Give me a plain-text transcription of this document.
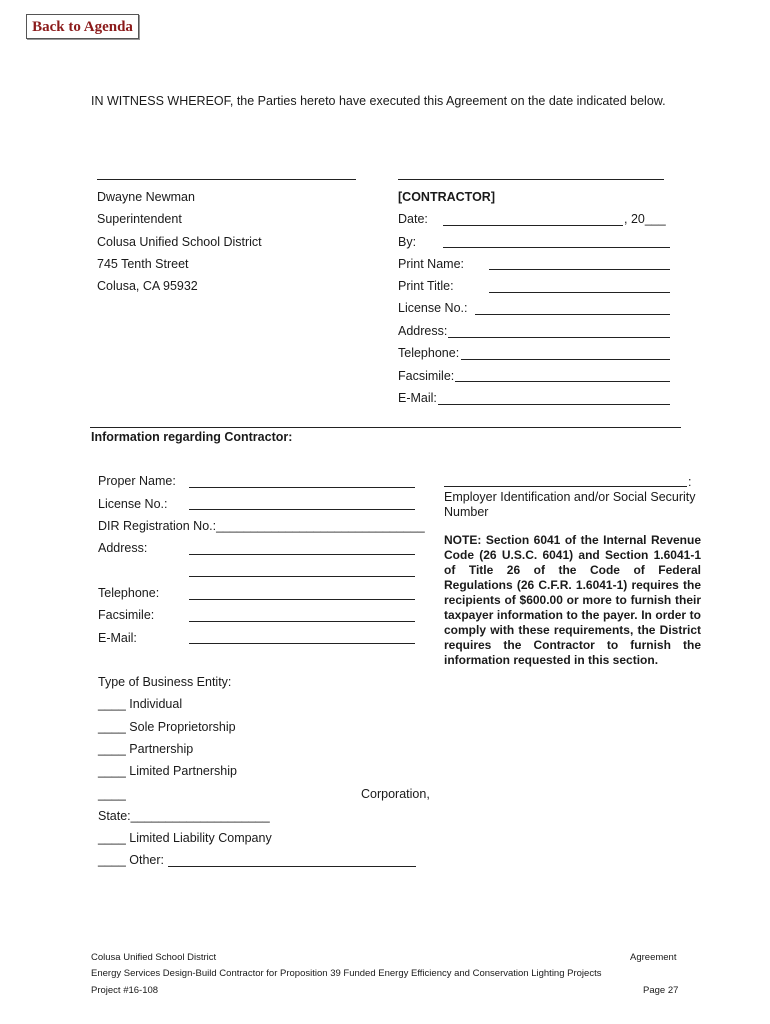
Back to Agenda
IN WITNESS WHEREOF, the Parties hereto have executed this Agreement on the date indicated below.
Dwayne Newman
Superintendent
Colusa Unified School District
745 Tenth Street
Colusa, CA 95932
[CONTRACTOR]
Date:	, 20___
By:
Print Name:
Print Title:
License No.:
Address:
Telephone:
Facsimile:
E-Mail:
Information regarding Contractor:
Proper Name:
License No.:
DIR Registration No.:______________________________
Address:
Telephone:
Facsimile:
E-Mail:
:
Employer Identification and/or Social Security Number
NOTE: Section 6041 of the Internal Revenue Code (26 U.S.C. 6041) and Section 1.6041-1 of Title 26 of the Code of Federal Regulations (26 C.F.R. 1.6041-1) requires the recipients of $600.00 or more to furnish their taxpayer information to the payer. In order to comply with these requirements, the District requires the Contractor to furnish the information requested in this section.
Type of Business Entity:
____ Individual
____ Sole Proprietorship
____ Partnership
____ Limited Partnership
____	Corporation,
State:____________________
____ Limited Liability Company
____ Other:
Colusa Unified School District	Agreement
Energy Services Design-Build Contractor for Proposition 39 Funded Energy Efficiency and Conservation Lighting Projects
Project #16-108	Page 27
